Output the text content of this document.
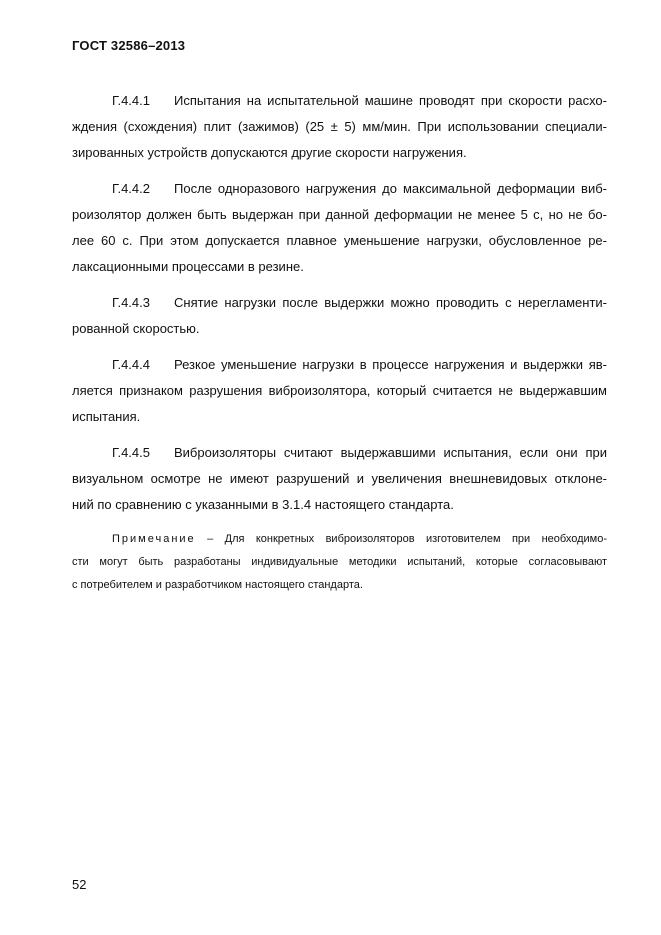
ГОСТ 32586–2013
Г.4.4.1 Испытания на испытательной машине проводят при скорости расхо-
ждения (схождения) плит (зажимов) (25 ± 5) мм/мин. При использовании специали-
зированных устройств допускаются другие скорости нагружения.
Г.4.4.2 После одноразового нагружения до максимальной деформации виб-
роизолятор должен быть выдержан при данной деформации не менее 5 с, но не бо-
лее 60 с. При этом допускается плавное уменьшение нагрузки, обусловленное ре-
лаксационными процессами в резине.
Г.4.4.3 Снятие нагрузки после выдержки можно проводить с нерегламенти-
рованной скоростью.
Г.4.4.4 Резкое уменьшение нагрузки в процессе нагружения и выдержки яв-
ляется признаком разрушения виброизолятора, который считается не выдержавшим
испытания.
Г.4.4.5 Виброизоляторы считают выдержавшими испытания, если они при
визуальном осмотре не имеют разрушений и увеличения внешневидовых отклоне-
ний по сравнению с указанными в 3.1.4 настоящего стандарта.
Примечание – Для конкретных виброизоляторов изготовителем при необходимо-
сти могут быть разработаны индивидуальные методики испытаний, которые согласовывают
с потребителем и разработчиком настоящего стандарта.
52
